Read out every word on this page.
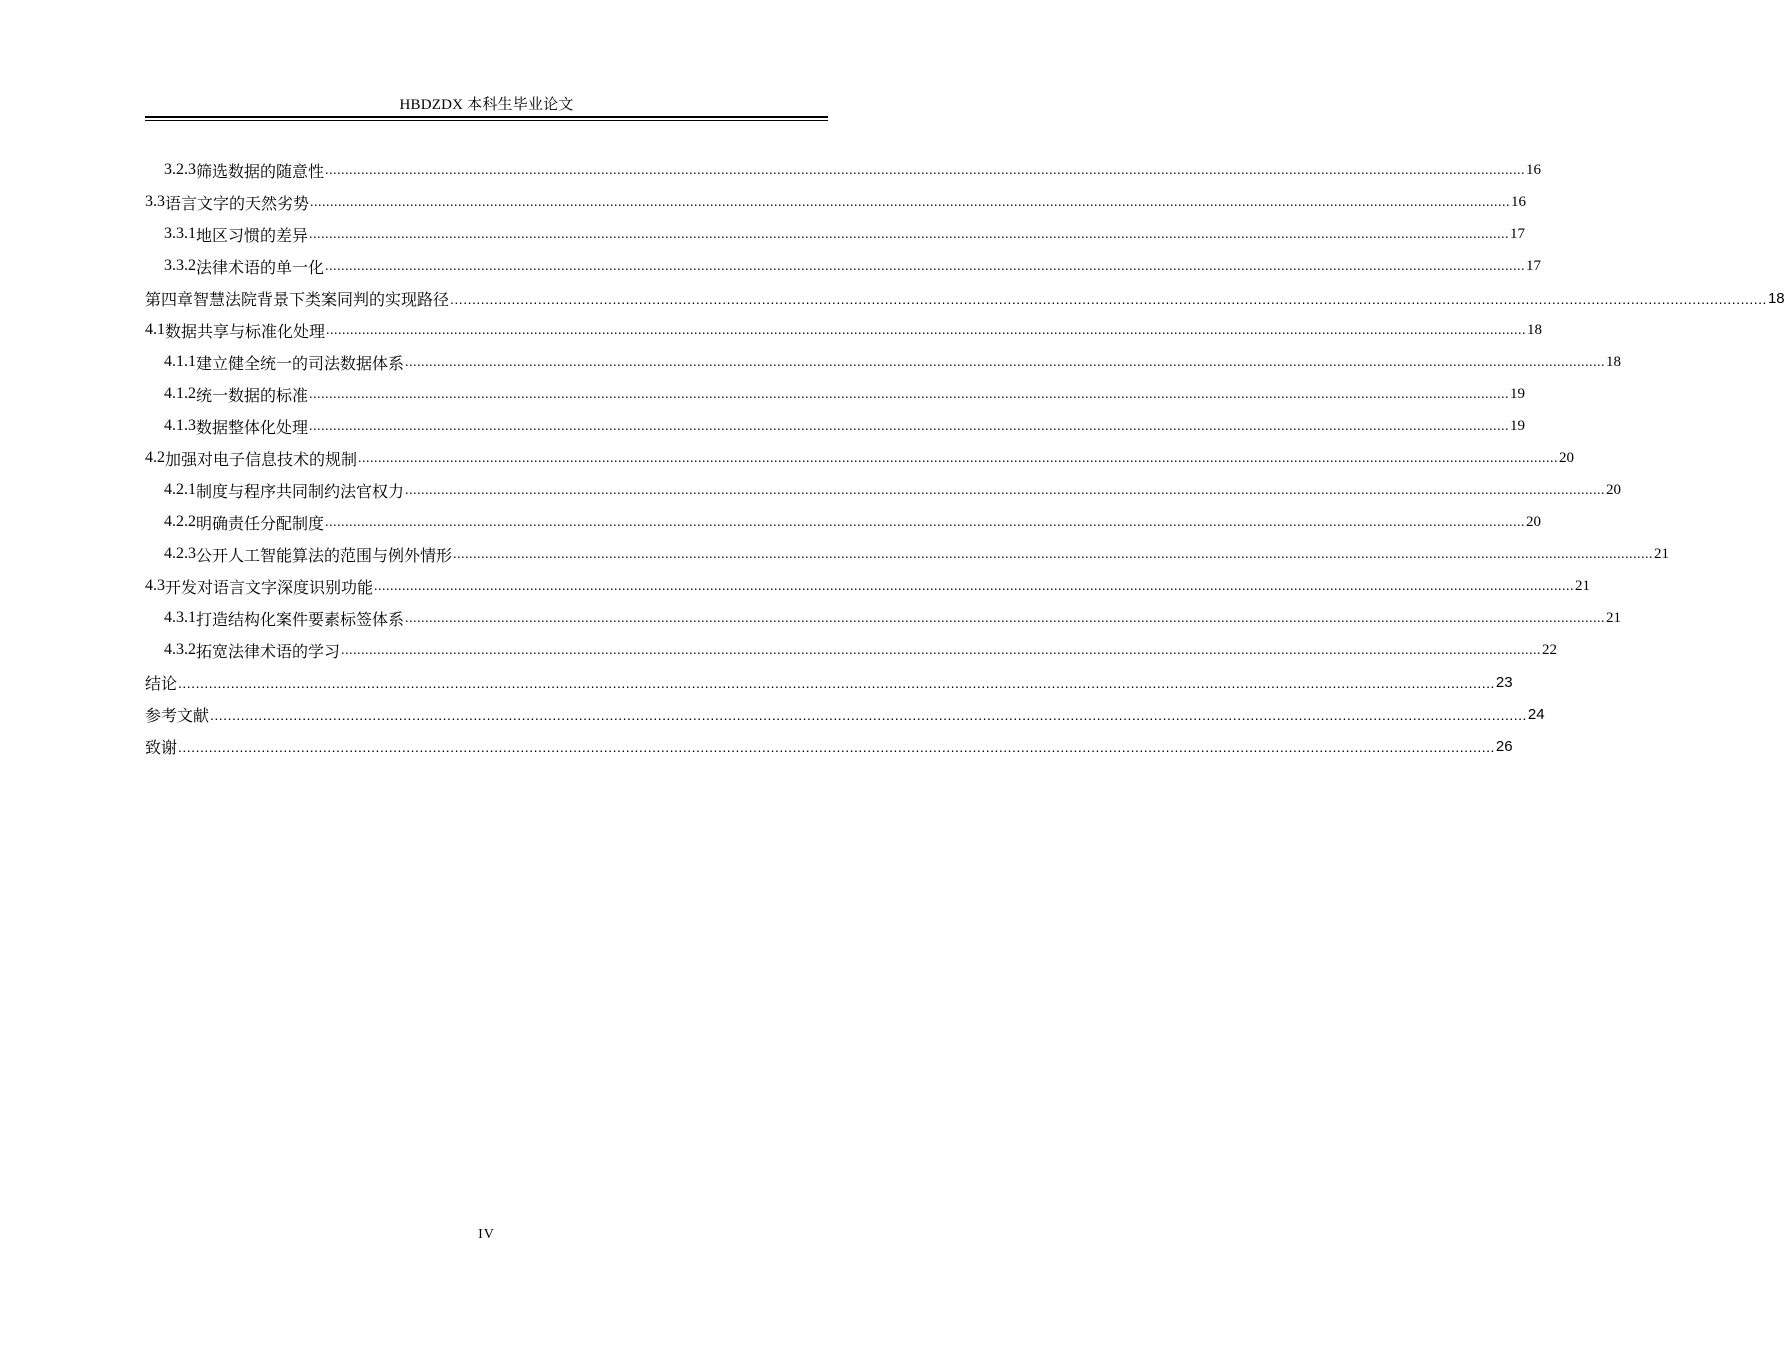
HBDZDX 本科生毕业论文
3.2.3 筛选数据的随意性 ............................................................................................................................................................................................................................................................................................................ 16
3.3 语言文字的天然劣势 ............................................................................................................................................................................................................................................................................................................ 16
3.3.1 地区习惯的差异 ............................................................................................................................................................................................................................................................................................................ 17
3.3.2 法律术语的单一化 ............................................................................................................................................................................................................................................................................................................ 17
第四章 智慧法院背景下类案同判的实现路径 ............................................................................................................................................................................................................................................................................................................ 18
4.1 数据共享与标准化处理 ............................................................................................................................................................................................................................................................................................................ 18
4.1.1 建立健全统一的司法数据体系 ............................................................................................................................................................................................................................................................................................................ 18
4.1.2 统一数据的标准 ............................................................................................................................................................................................................................................................................................................ 19
4.1.3 数据整体化处理 ............................................................................................................................................................................................................................................................................................................ 19
4.2 加强对电子信息技术的规制 ............................................................................................................................................................................................................................................................................................................ 20
4.2.1 制度与程序共同制约法官权力 ............................................................................................................................................................................................................................................................................................................ 20
4.2.2 明确责任分配制度 ............................................................................................................................................................................................................................................................................................................ 20
4.2.3 公开人工智能算法的范围与例外情形 ............................................................................................................................................................................................................................................................................................................ 21
4.3 开发对语言文字深度识别功能 ............................................................................................................................................................................................................................................................................................................ 21
4.3.1 打造结构化案件要素标签体系 ............................................................................................................................................................................................................................................................................................................ 21
4.3.2 拓宽法律术语的学习 ............................................................................................................................................................................................................................................................................................................ 22
结论 ............................................................................................................................................................................................................................................................................................................ 23
参考文献 ............................................................................................................................................................................................................................................................................................................ 24
致谢 ............................................................................................................................................................................................................................................................................................................ 26
IV
